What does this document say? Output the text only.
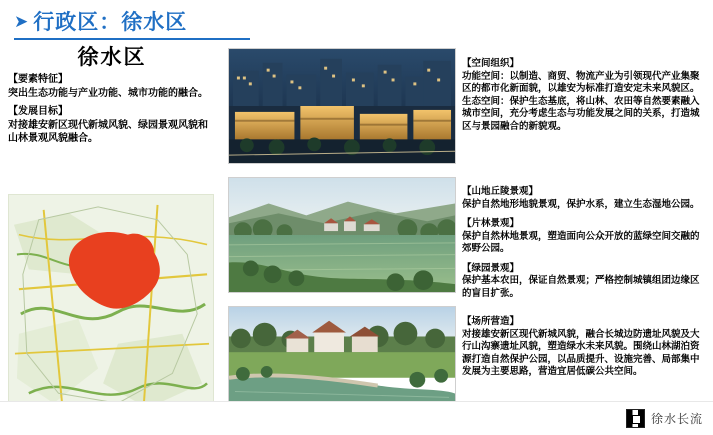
➤ 行政区：徐水区
徐水区
【要素特征】
突出生态功能与产业功能、城市功能的融合。
【发展目标】
对接雄安新区现代新城风貌、绿园景观风貌和山林景观风貌融合。
【空间组织】
功能空间：以制造、商贸、物流产业为引领现代产业集聚区的都市化新面貌，以雄安为标准打造安定未来风貌区。
生态空间：保护生态基底，将山林、农田等自然要素融入城市空间，充分考虑生态与功能发展之间的关系，打造城区与景园融合的新貌观。
【山地丘陵景观】
保护自然地形地貌景观，保护水系，建立生态湿地公园。
【片林景观】
保护自然林地景观，塑造面向公众开放的蓝绿空间交融的郊野公园。
【绿园景观】
保护基本农田，保证自然景观；严格控制城镇组团边缘区的盲目扩张。
【场所营造】
对接雄安新区现代新城风貌，融合长城边防遗址风貌及大行山沟寨遗址风貌，塑造绿水未来风貌。围绕山林湖泊资源打造自然保护公园，以品质提升、设施完善、局部集中发展为主要思路，营造宜居低碳公共空间。
徐水长流
